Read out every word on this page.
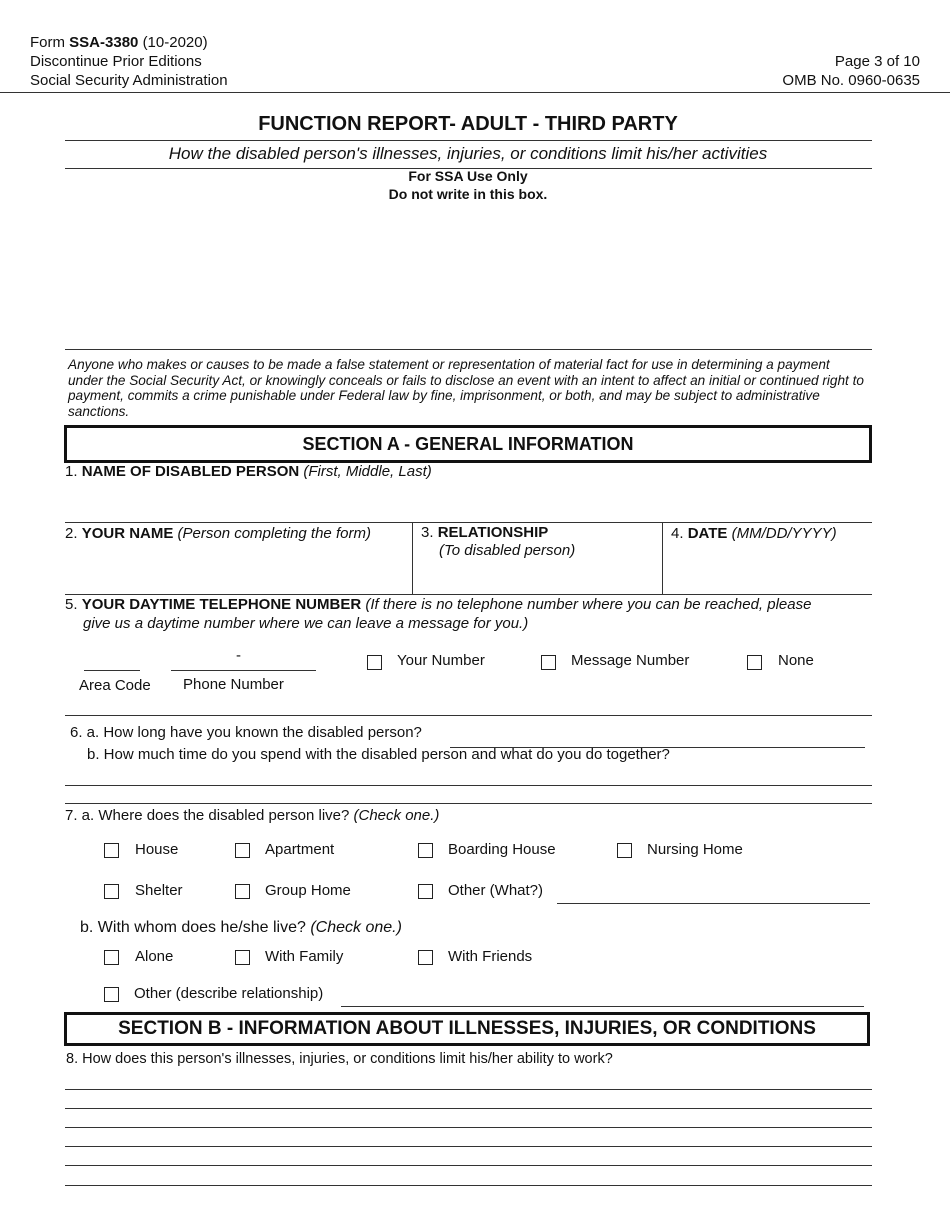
Form SSA-3380 (10-2020)
Discontinue Prior Editions
Social Security Administration
Page 3 of 10
OMB No. 0960-0635
FUNCTION REPORT- ADULT - THIRD PARTY
How the disabled person's illnesses, injuries, or conditions limit his/her activities
For SSA Use Only
Do not write in this box.
Anyone who makes or causes to be made a false statement or representation of material fact for use in determining a payment under the Social Security Act, or knowingly conceals or fails to disclose an event with an intent to affect an initial or continued right to payment, commits a crime punishable under Federal law by fine, imprisonment, or both, and may be subject to administrative sanctions.
SECTION A - GENERAL INFORMATION
1. NAME OF DISABLED PERSON (First, Middle, Last)
2. YOUR NAME (Person completing the form)	3. RELATIONSHIP
(To disabled person)
4. DATE (MM/DD/YYYY)
5. YOUR DAYTIME TELEPHONE NUMBER (If there is no telephone number where you can be reached, please
give us a daytime number where we can leave a message for you.)
-
Area Code Phone Number
Your Number	Message Number	None
6. a. How long have you known the disabled person?
b. How much time do you spend with the disabled person and what do you do together?
7. a. Where does the disabled person live? (Check one.)
House	Apartment	Boarding House	Nursing Home
Shelter	Group Home	Other (What?)
b. With whom does he/she live? (Check one.)
Alone	With Family	With Friends
Other (describe relationship)
SECTION B - INFORMATION ABOUT ILLNESSES, INJURIES, OR CONDITIONS
8. How does this person's illnesses, injuries, or conditions limit his/her ability to work?
